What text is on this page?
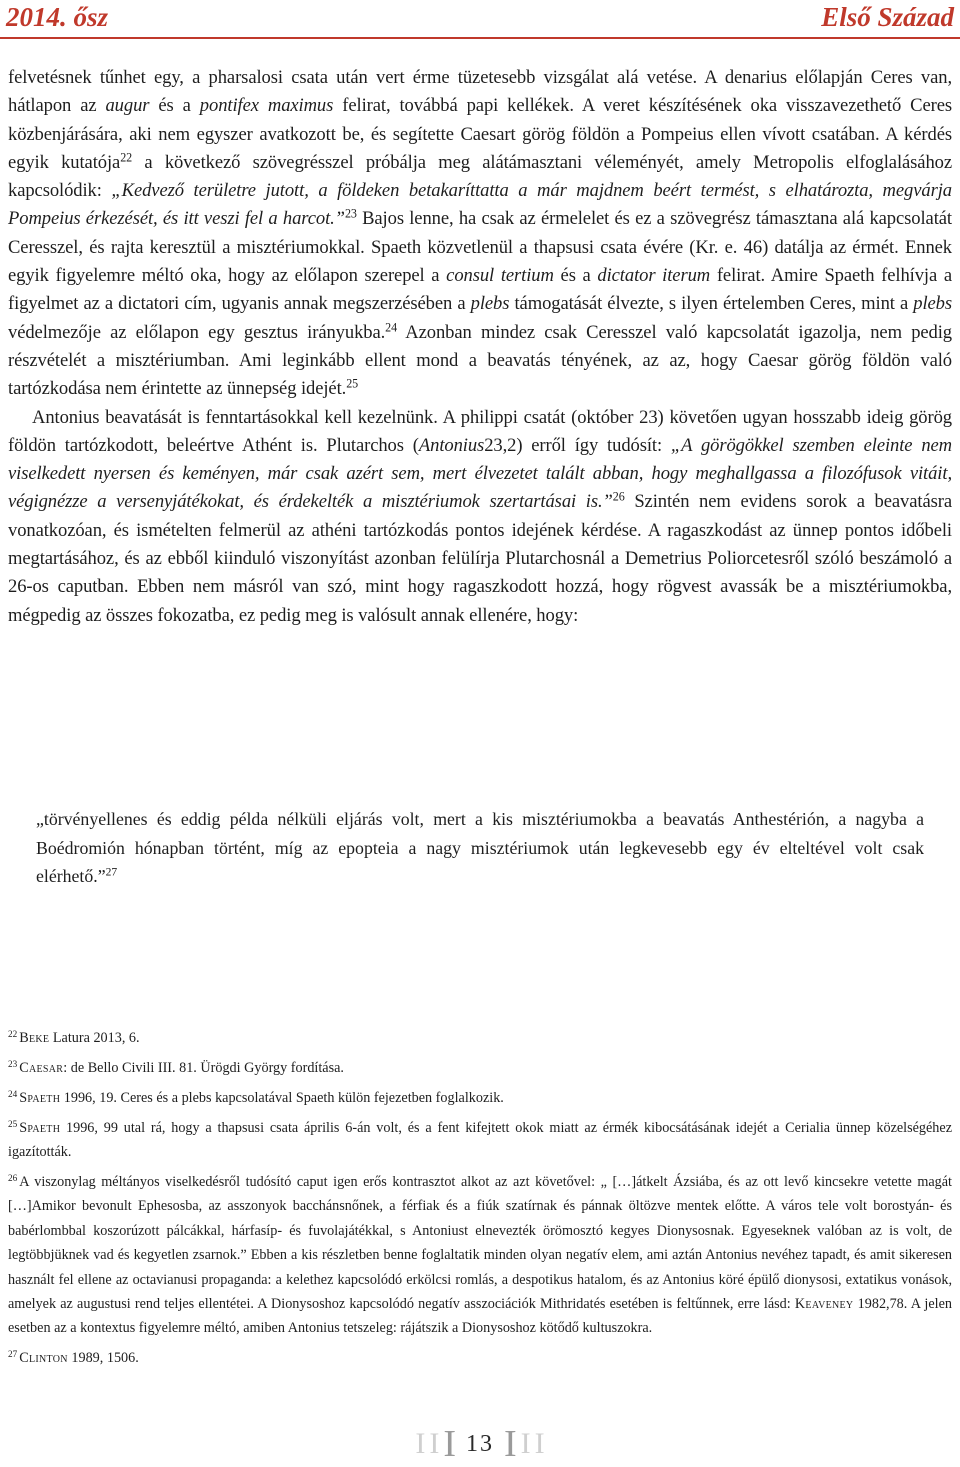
2014. ősz	Első Század

felvetésnek tűnhet egy, a pharsalosi csata után vert érme tüzetesebb vizsgálat alá vetése. A denarius előlapján Ceres van, hátlapon az augur és a pontifex maximus felirat, továbbá papi kellékek. A veret készítésének oka visszavezethető Ceres közbenjárására, aki nem egyszer avatkozott be, és segítette Caesart görög földön a Pompeius ellen vívott csatában. A kérdés egyik kutatója$^{22}$ a következő szövegrésszel próbálja meg alátámasztani véleményét, amely Metropolis elfoglalásához kapcsolódik: „Kedvező területre jutott, a földeken betakaríttatta a már majdnem beért termést, s elhatározta, megvárja Pompeius érkezését, és itt veszi fel a harcot.”$^{23}$ Bajos lenne, ha csak az érmelelet és ez a szövegrész támasztana alá kapcsolatát Ceresszel, és rajta keresztül a misztériumokkal. Spaeth közvetlenül a thapsusi csata évére (Kr. e. 46) datálja az érmét. Ennek egyik figyelemre méltó oka, hogy az előlapon szerepel a consul tertium és a dictator iterum felirat. Amire Spaeth felhívja a figyelmet az a dictatori cím, ugyanis annak megszerzésében a plebs támogatását élvezte, s ilyen értelemben Ceres, mint a plebs védelmezője az előlapon egy gesztus irányukba.$^{24}$ Azonban mindez csak Ceresszel való kapcsolatát igazolja, nem pedig részvételét a misztériumban. Ami leginkább ellent mond a beavatás tényének, az az, hogy Caesar görög földön való tartózkodása nem érintette az ünnepség idejét.$^{25}$

Antonius beavatását is fenntartásokkal kell kezelnünk. A philippi csatát (október 23) követően ugyan hosszabb ideig görög földön tartózkodott, beleértve Athént is. Plutarchos (Antonius23,2) erről így tudósít: „A görögökkel szemben eleinte nem viselkedett nyersen és keményen, már csak azért sem, mert élvezetet talált abban, hogy meghallgassa a filozófusok vitáit, végignézze a versenyjátékokat, és érdekelték a misztériumok szertartásai is.”$^{26}$ Szintén nem evidens sorok a beavatásra vonatkozóan, és ismételten felmerül az athéni tartózkodás pontos idejének kérdése. A ragaszkodást az ünnep pontos időbeli megtartásához, és az ebből kiinduló viszonyítást azonban felülírja Plutarchosnál a Demetrius Poliorcetesről szóló beszámoló a 26-os caputban. Ebben nem másról van szó, mint hogy ragaszkodott hozzá, hogy rögvest avassák be a misztériumokba, mégpedig az összes fokozatba, ez pedig meg is valósult annak ellenére, hogy:

„törvényellenes és eddig példa nélküli eljárás volt, mert a kis misztériumokba a beavatás Anthestérión, a nagyba a Boédromión hónapban történt, míg az epopteia a nagy misztériumok után legkevesebb egy év elteltével volt csak elérhető.”$^{27}$

$^{22}$ Beke Latura 2013, 6.

$^{23}$ Caesar: de Bello Civili III. 81. Ürögdi György fordítása.

$^{24}$ Spaeth 1996, 19. Ceres és a plebs kapcsolatával Spaeth külön fejezetben foglalkozik.

$^{25}$ Spaeth 1996, 99 utal rá, hogy a thapsusi csata április 6-án volt, és a fent kifejtett okok miatt az érmék kibocsátásának idejét a Cerialia ünnep közelségéhez igazították.

$^{26}$ A viszonylag méltányos viselkedésről tudósító caput igen erős kontrasztot alkot az azt követővel: „ […]átkelt Ázsiába, és az ott levő kincsekre vetette magát […]Amikor bevonult Ephesosba, az asszonyok bacchánsnőnek, a férfiak és a fiúk szatírnak és pánnak öltözve mentek előtte. A város tele volt borostyán- és babérlombbal koszorúzott pálcákkal, hárfasíp- és fuvolajátékkal, s Antoniust elnevezték örömosztó kegyes Dionysosnak. Egyeseknek valóban az is volt, de legtöbbjüknek vad és kegyetlen zsarnok.” Ebben a kis részletben benne foglaltatik minden olyan negatív elem, ami aztán Antonius nevéhez tapadt, és amit sikeresen használt fel ellene az octavianusi propaganda: a kelethez kapcsolódó erkölcsi romlás, a despotikus hatalom, és az Antonius köré épülő dionysosi, extatikus vonások, amelyek az augustusi rend teljes ellentétei. A Dionysoshoz kapcsolódó negatív asszociációk Mithridatés esetében is feltűnnek, erre lásd: Keaveney 1982,78. A jelen esetben az a kontextus figyelemre méltó, amiben Antonius tetszeleg: rájátszik a Dionysoshoz kötődő kultuszokra.

$^{27}$ Clinton 1989, 1506.

I I I 13 I I I
